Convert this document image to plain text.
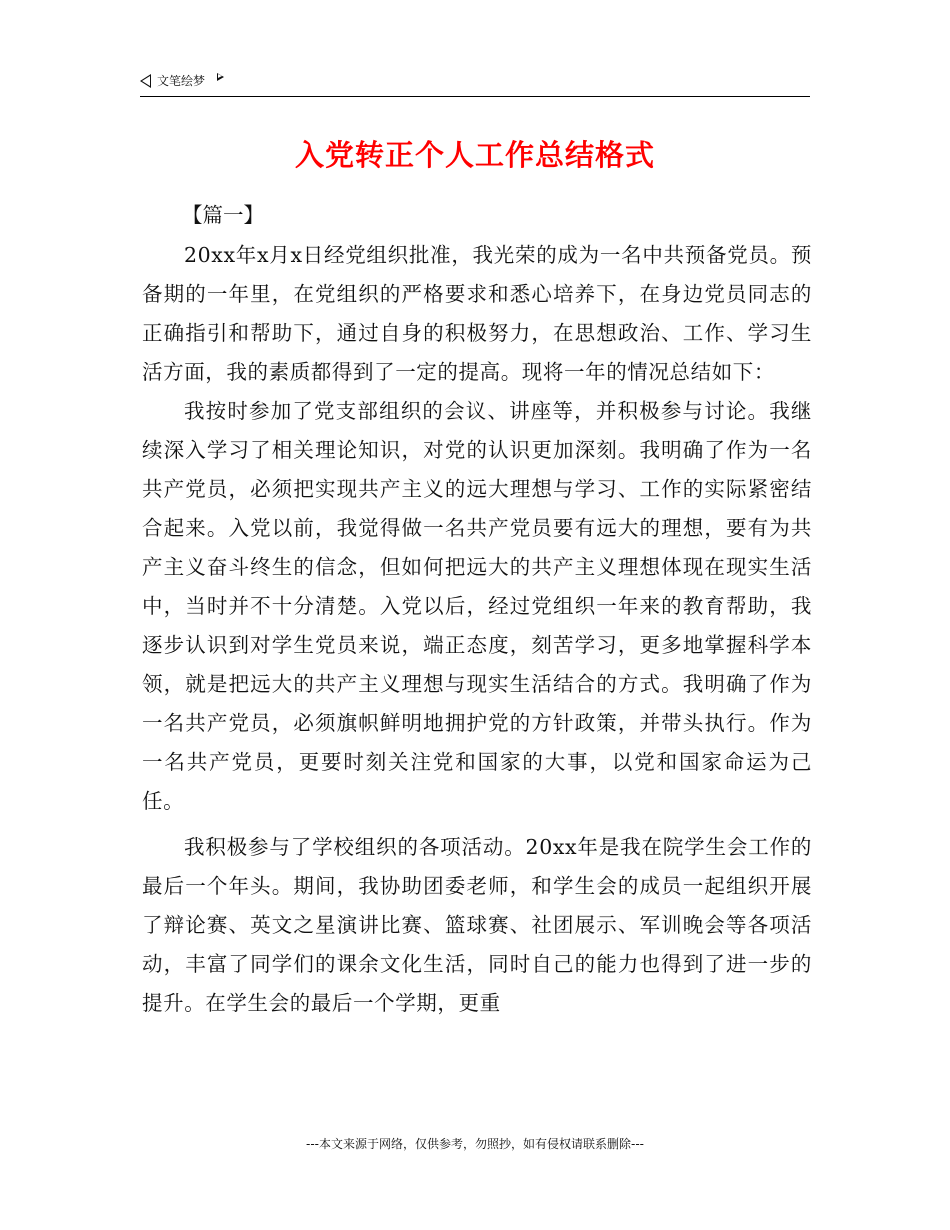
文笔绘梦
入党转正个人工作总结格式

【篇一】

20xx年x月x日经党组织批准，我光荣的成为一名中共预备党员。预备期的一年里，在党组织的严格要求和悉心培养下，在身边党员同志的正确指引和帮助下，通过自身的积极努力，在思想政治、工作、学习生活方面，我的素质都得到了一定的提高。现将一年的情况总结如下：

我按时参加了党支部组织的会议、讲座等，并积极参与讨论。我继续深入学习了相关理论知识，对党的认识更加深刻。我明确了作为一名共产党员，必须把实现共产主义的远大理想与学习、工作的实际紧密结合起来。入党以前，我觉得做一名共产党员要有远大的理想，要有为共产主义奋斗终生的信念，但如何把远大的共产主义理想体现在现实生活中，当时并不十分清楚。入党以后，经过党组织一年来的教育帮助，我逐步认识到对学生党员来说，端正态度，刻苦学习，更多地掌握科学本领，就是把远大的共产主义理想与现实生活结合的方式。我明确了作为一名共产党员，必须旗帜鲜明地拥护党的方针政策，并带头执行。作为一名共产党员，更要时刻关注党和国家的大事，以党和国家命运为己任。

我积极参与了学校组织的各项活动。20xx年是我在院学生会工作的最后一个年头。期间，我协助团委老师，和学生会的成员一起组织开展了辩论赛、英文之星演讲比赛、篮球赛、社团展示、军训晚会等各项活动，丰富了同学们的课余文化生活，同时自己的能力也得到了进一步的提升。在学生会的最后一个学期，更重

---本文来源于网络，仅供参考，勿照抄，如有侵权请联系删除---
